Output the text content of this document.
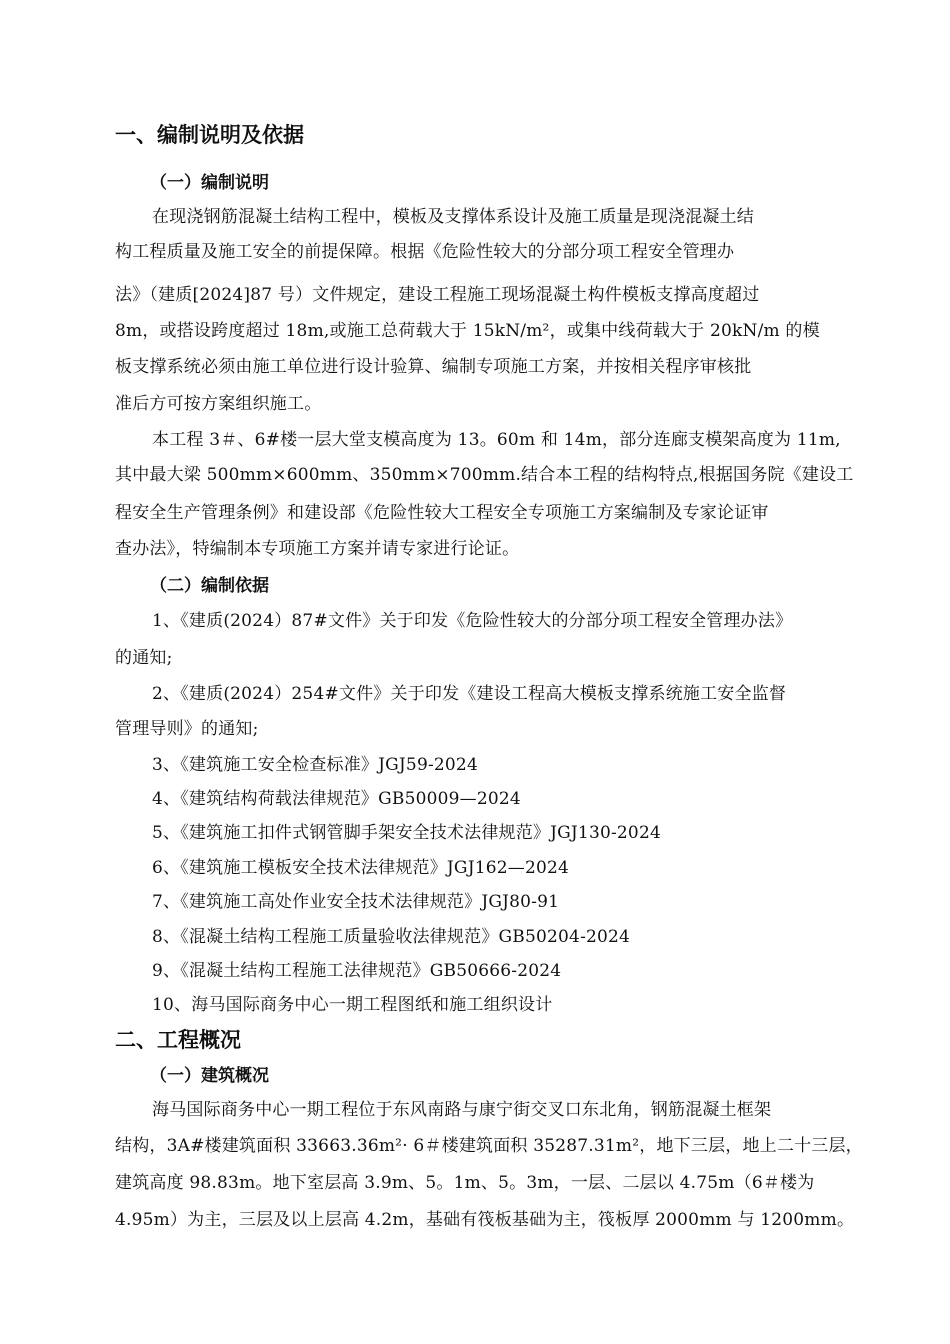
一、编制说明及依据
（一）编制说明
在现浇钢筋混凝土结构工程中，模板及支撑体系设计及施工质量是现浇混凝土结
构工程质量及施工安全的前提保障。根据《危险性较大的分部分项工程安全管理办
法》（建质[2024]87 号）文件规定，建设工程施工现场混凝土构件模板支撑高度超过
8m，或搭设跨度超过 18m,或施工总荷载大于 15kN/m²，或集中线荷载大于 20kN/m 的模
板支撑系统必须由施工单位进行设计验算、编制专项施工方案，并按相关程序审核批
准后方可按方案组织施工。
本工程 3＃、6#楼一层大堂支模高度为 13。60m 和 14m，部分连廊支模架高度为 11m,
其中最大梁 500mm×600mm、350mm×700mm.结合本工程的结构特点,根据国务院《建设工
程安全生产管理条例》和建设部《危险性较大工程安全专项施工方案编制及专家论证审
查办法》，特编制本专项施工方案并请专家进行论证。
（二）编制依据
1、《建质(2024）87#文件》关于印发《危险性较大的分部分项工程安全管理办法》
的通知;
2、《建质(2024）254#文件》关于印发《建设工程高大模板支撑系统施工安全监督
管理导则》的通知;
3、《建筑施工安全检查标准》JGJ59-2024
4、《建筑结构荷载法律规范》GB50009—2024
5、《建筑施工扣件式钢管脚手架安全技术法律规范》JGJ130-2024
6、《建筑施工模板安全技术法律规范》JGJ162—2024
7、《建筑施工高处作业安全技术法律规范》JGJ80-91
8、《混凝土结构工程施工质量验收法律规范》GB50204-2024
9、《混凝土结构工程施工法律规范》GB50666-2024
10、海马国际商务中心一期工程图纸和施工组织设计
二、工程概况
（一）建筑概况
海马国际商务中心一期工程位于东风南路与康宁街交叉口东北角，钢筋混凝土框架
结构，3A#楼建筑面积 33663.36m²· 6＃楼建筑面积 35287.31m²，地下三层，地上二十三层，
建筑高度 98.83m。地下室层高 3.9m、5。1m、5。3m，一层、二层以 4.75m（6＃楼为
4.95m）为主，三层及以上层高 4.2m，基础有筏板基础为主，筏板厚 2000mm 与 1200mm。
